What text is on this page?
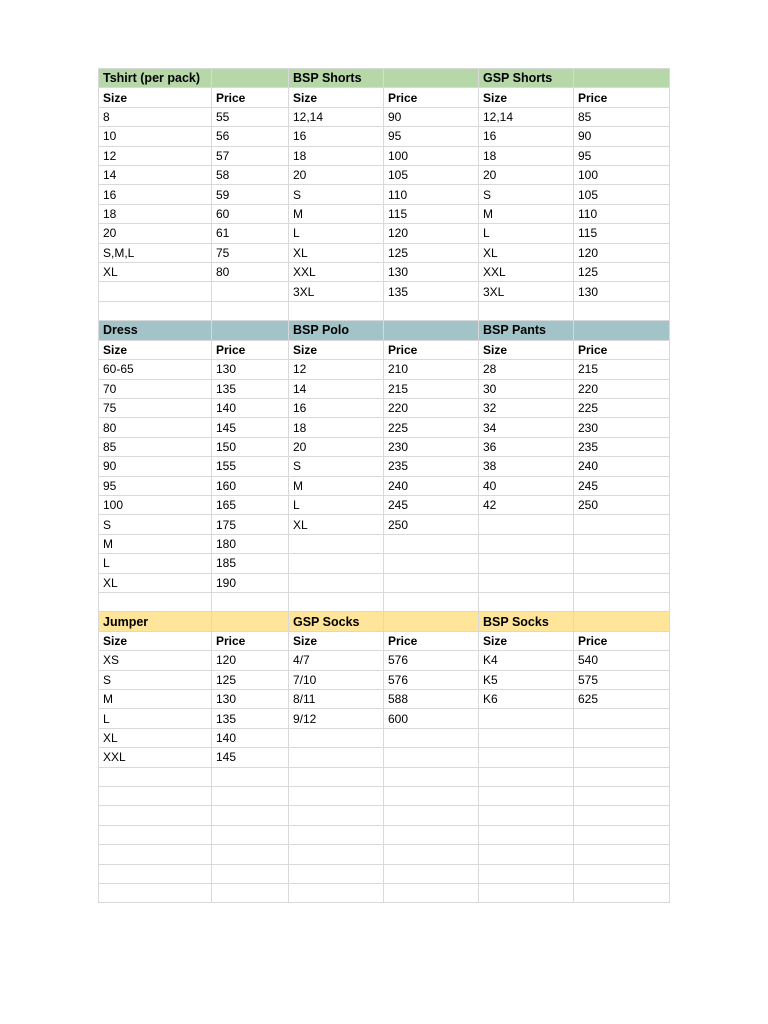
Tshirt (per pack)		BSP Shorts		GSP Shorts	
Size	Price	Size	Price	Size	Price
8	55	12,14	90	12,14	85
10	56	16	95	16	90
12	57	18	100	18	95
14	58	20	105	20	100
16	59	S	110	S	105
18	60	M	115	M	110
20	61	L	120	L	115
S,M,L	75	XL	125	XL	120
XL	80	XXL	130	XXL	125
		3XL	135	3XL	130

Dress		BSP Polo		BSP Pants	
Size	Price	Size	Price	Size	Price
60-65	130	12	210	28	215
70	135	14	215	30	220
75	140	16	220	32	225
80	145	18	225	34	230
85	150	20	230	36	235
90	155	S	235	38	240
95	160	M	240	40	245
100	165	L	245	42	250
S	175	XL	250		
M	180				
L	185				
XL	190				

Jumper		GSP Socks		BSP Socks	
Size	Price	Size	Price	Size	Price
XS	120	4/7	576	K4	540
S	125	7/10	576	K5	575
M	130	8/11	588	K6	625
L	135	9/12	600		
XL	140				
XXL	145				
